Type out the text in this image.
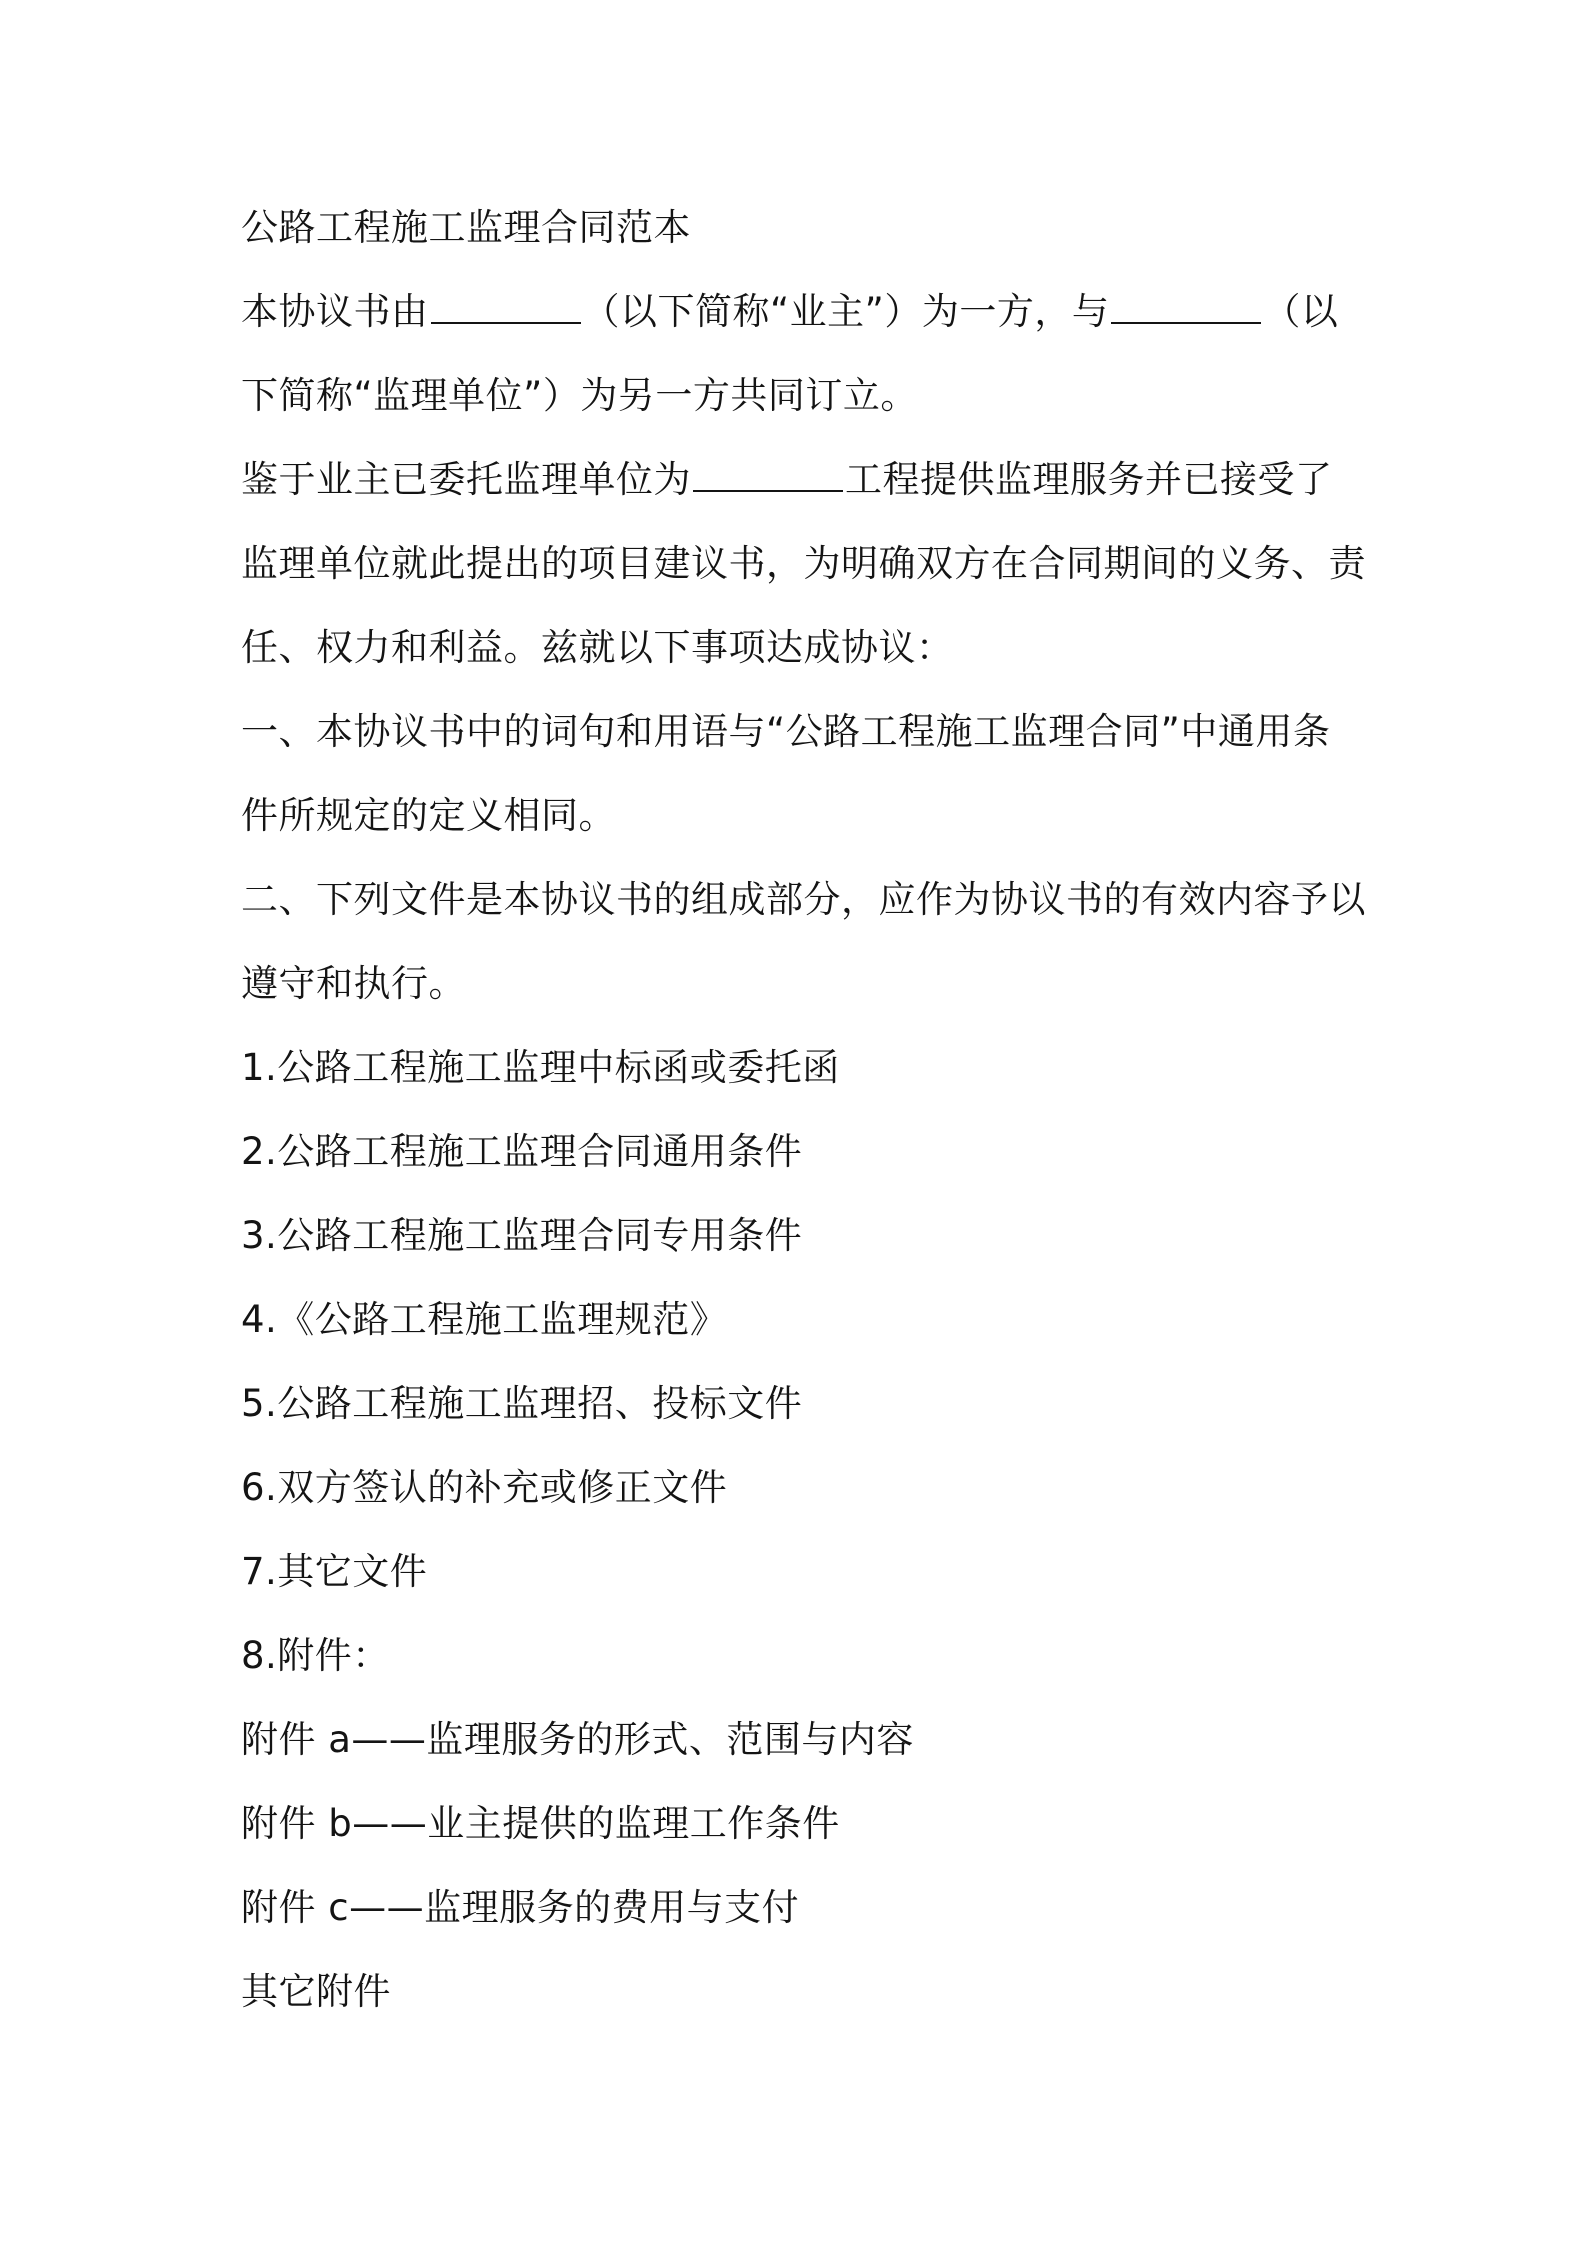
公路工程施工监理合同范本
本协议书由	（以下简称“业主”）为一方，与	（以
下简称“监理单位”）为另一方共同订立。
鉴于业主已委托监理单位为	工程提供监理服务并已接受了
监理单位就此提出的项目建议书，为明确双方在合同期间的义务、责
任、权力和利益。兹就以下事项达成协议：
一、本协议书中的词句和用语与“公路工程施工监理合同”中通用条
件所规定的定义相同。
二、下列文件是本协议书的组成部分，应作为协议书的有效内容予以
遵守和执行。
1.公路工程施工监理中标函或委托函
2.公路工程施工监理合同通用条件
3.公路工程施工监理合同专用条件
4.《公路工程施工监理规范》
5.公路工程施工监理招、投标文件
6.双方签认的补充或修正文件
7.其它文件
8.附件：
附件 a——监理服务的形式、范围与内容
附件 b——业主提供的监理工作条件
附件 c——监理服务的费用与支付
其它附件
